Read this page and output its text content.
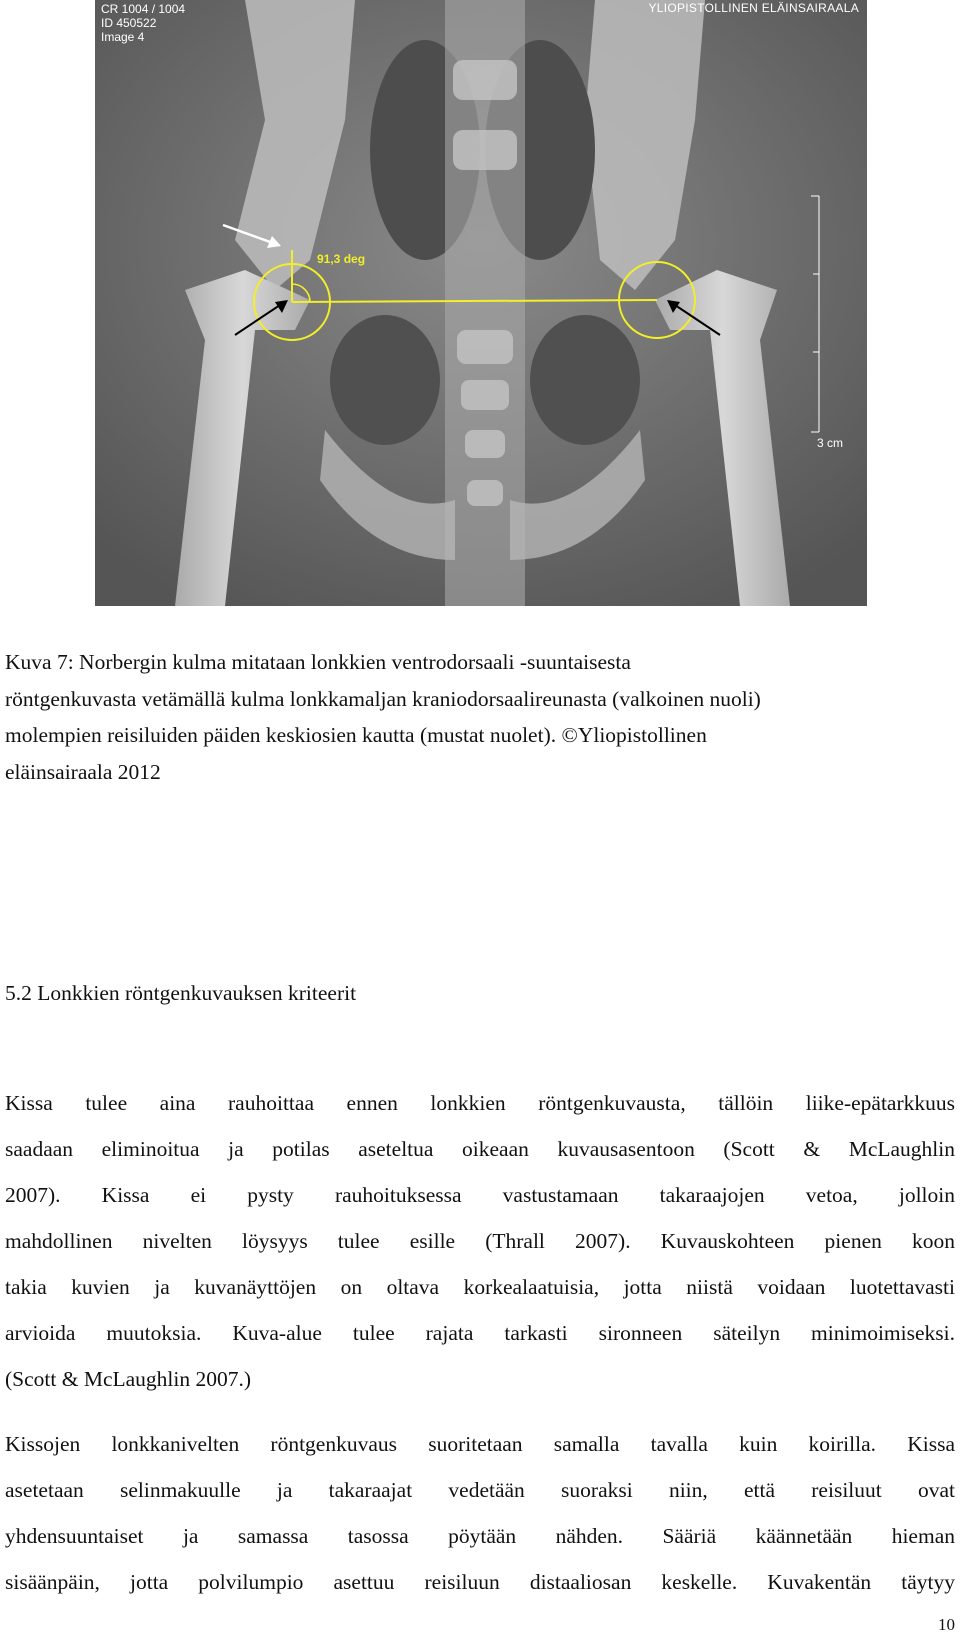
CR 1004 / 1004
ID 450522
Image 4
YLIOPISTOLLINEN ELÄINSAIRAALA
91,3 deg
3 cm
Kuva 7: Norbergin kulma mitataan lonkkien ventrodorsaali -suuntaisesta
röntgenkuvasta vetämällä kulma lonkkamaljan kraniodorsaalireunasta (valkoinen nuoli)
molempien reisiluiden päiden keskiosien kautta (mustat nuolet). ©Yliopistollinen
eläinsairaala 2012
5.2 Lonkkien röntgenkuvauksen kriteerit
Kissa tulee aina rauhoittaa ennen lonkkien röntgenkuvausta, tällöin liike-epätarkkuus
saadaan eliminoitua ja potilas aseteltua oikeaan kuvausasentoon (Scott & McLaughlin
2007). Kissa ei pysty rauhoituksessa vastustamaan takaraajojen vetoa, jolloin
mahdollinen nivelten löysyys tulee esille (Thrall 2007). Kuvauskohteen pienen koon
takia kuvien ja kuvanäyttöjen on oltava korkealaatuisia, jotta niistä voidaan luotettavasti
arvioida muutoksia. Kuva-alue tulee rajata tarkasti sironneen säteilyn minimoimiseksi.
(Scott & McLaughlin 2007.)
Kissojen lonkkanivelten röntgenkuvaus suoritetaan samalla tavalla kuin koirilla. Kissa
asetetaan selinmakuulle ja takaraajat vedetään suoraksi niin, että reisiluut ovat
yhdensuuntaiset ja samassa tasossa pöytään nähden. Sääriä käännetään hieman
sisäänpäin, jotta polvilumpio asettuu reisiluun distaaliosan keskelle. Kuvakentän täytyy
10
